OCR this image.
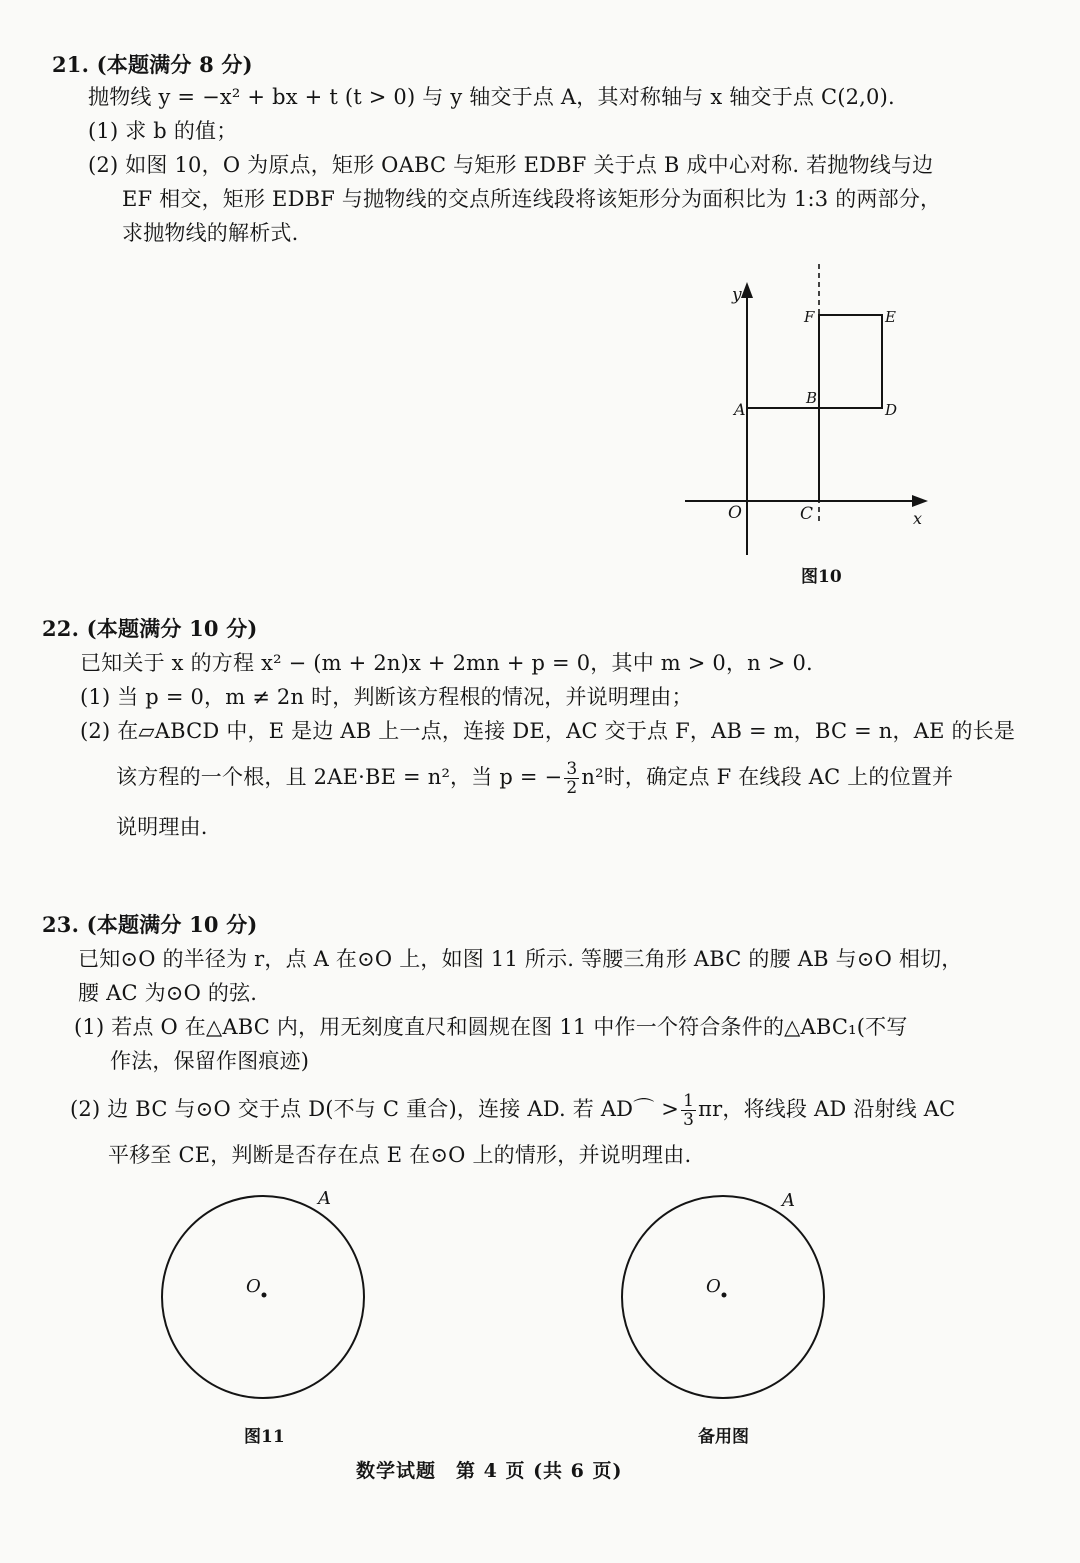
21. (本题满分 8 分)
抛物线 y = −x² + bx + t (t > 0) 与 y 轴交于点 A，其对称轴与 x 轴交于点 C(2,0).
(1) 求 b 的值；
(2) 如图 10，O 为原点，矩形 OABC 与矩形 EDBF 关于点 B 成中心对称. 若抛物线与边
EF 相交，矩形 EDBF 与抛物线的交点所连线段将该矩形分为面积比为 1:3 的两部分，
求抛物线的解析式.
y
x
O
A
B
C
D
E
F
图10
22. (本题满分 10 分)
已知关于 x 的方程 x² − (m + 2n)x + 2mn + p = 0，其中 m > 0，n > 0.
(1) 当 p = 0，m ≠ 2n 时，判断该方程根的情况，并说明理由；
(2) 在▱ABCD 中，E 是边 AB 上一点，连接 DE，AC 交于点 F，AB = m，BC = n，AE 的长是
该方程的一个根，且 2AE·BE = n²，当 p = − $\frac{3}{2} n^2$时，确定点 F 在线段 AC 上的位置并
说明理由.
23. (本题满分 10 分)
已知⊙O 的半径为 r，点 A 在⊙O 上，如图 11 所示. 等腰三角形 ABC 的腰 AB 与⊙O 相切，
腰 AC 为⊙O 的弦.
(1) 若点 O 在△ABC 内，用无刻度直尺和圆规在图 11 中作一个符合条件的△ABC₁(不写
作法，保留作图痕迹)
(2) 边 BC 与⊙O 交于点 D(不与 C 重合)，连接 AD. 若 AD⌒ > $\frac{1}{3}$ πr，将线段 AD 沿射线 AC
平移至 CE，判断是否存在点 E 在⊙O 上的情形，并说明理由.
O
A
图11
O
A
备用图
数学试题　第 4 页 (共 6 页)
